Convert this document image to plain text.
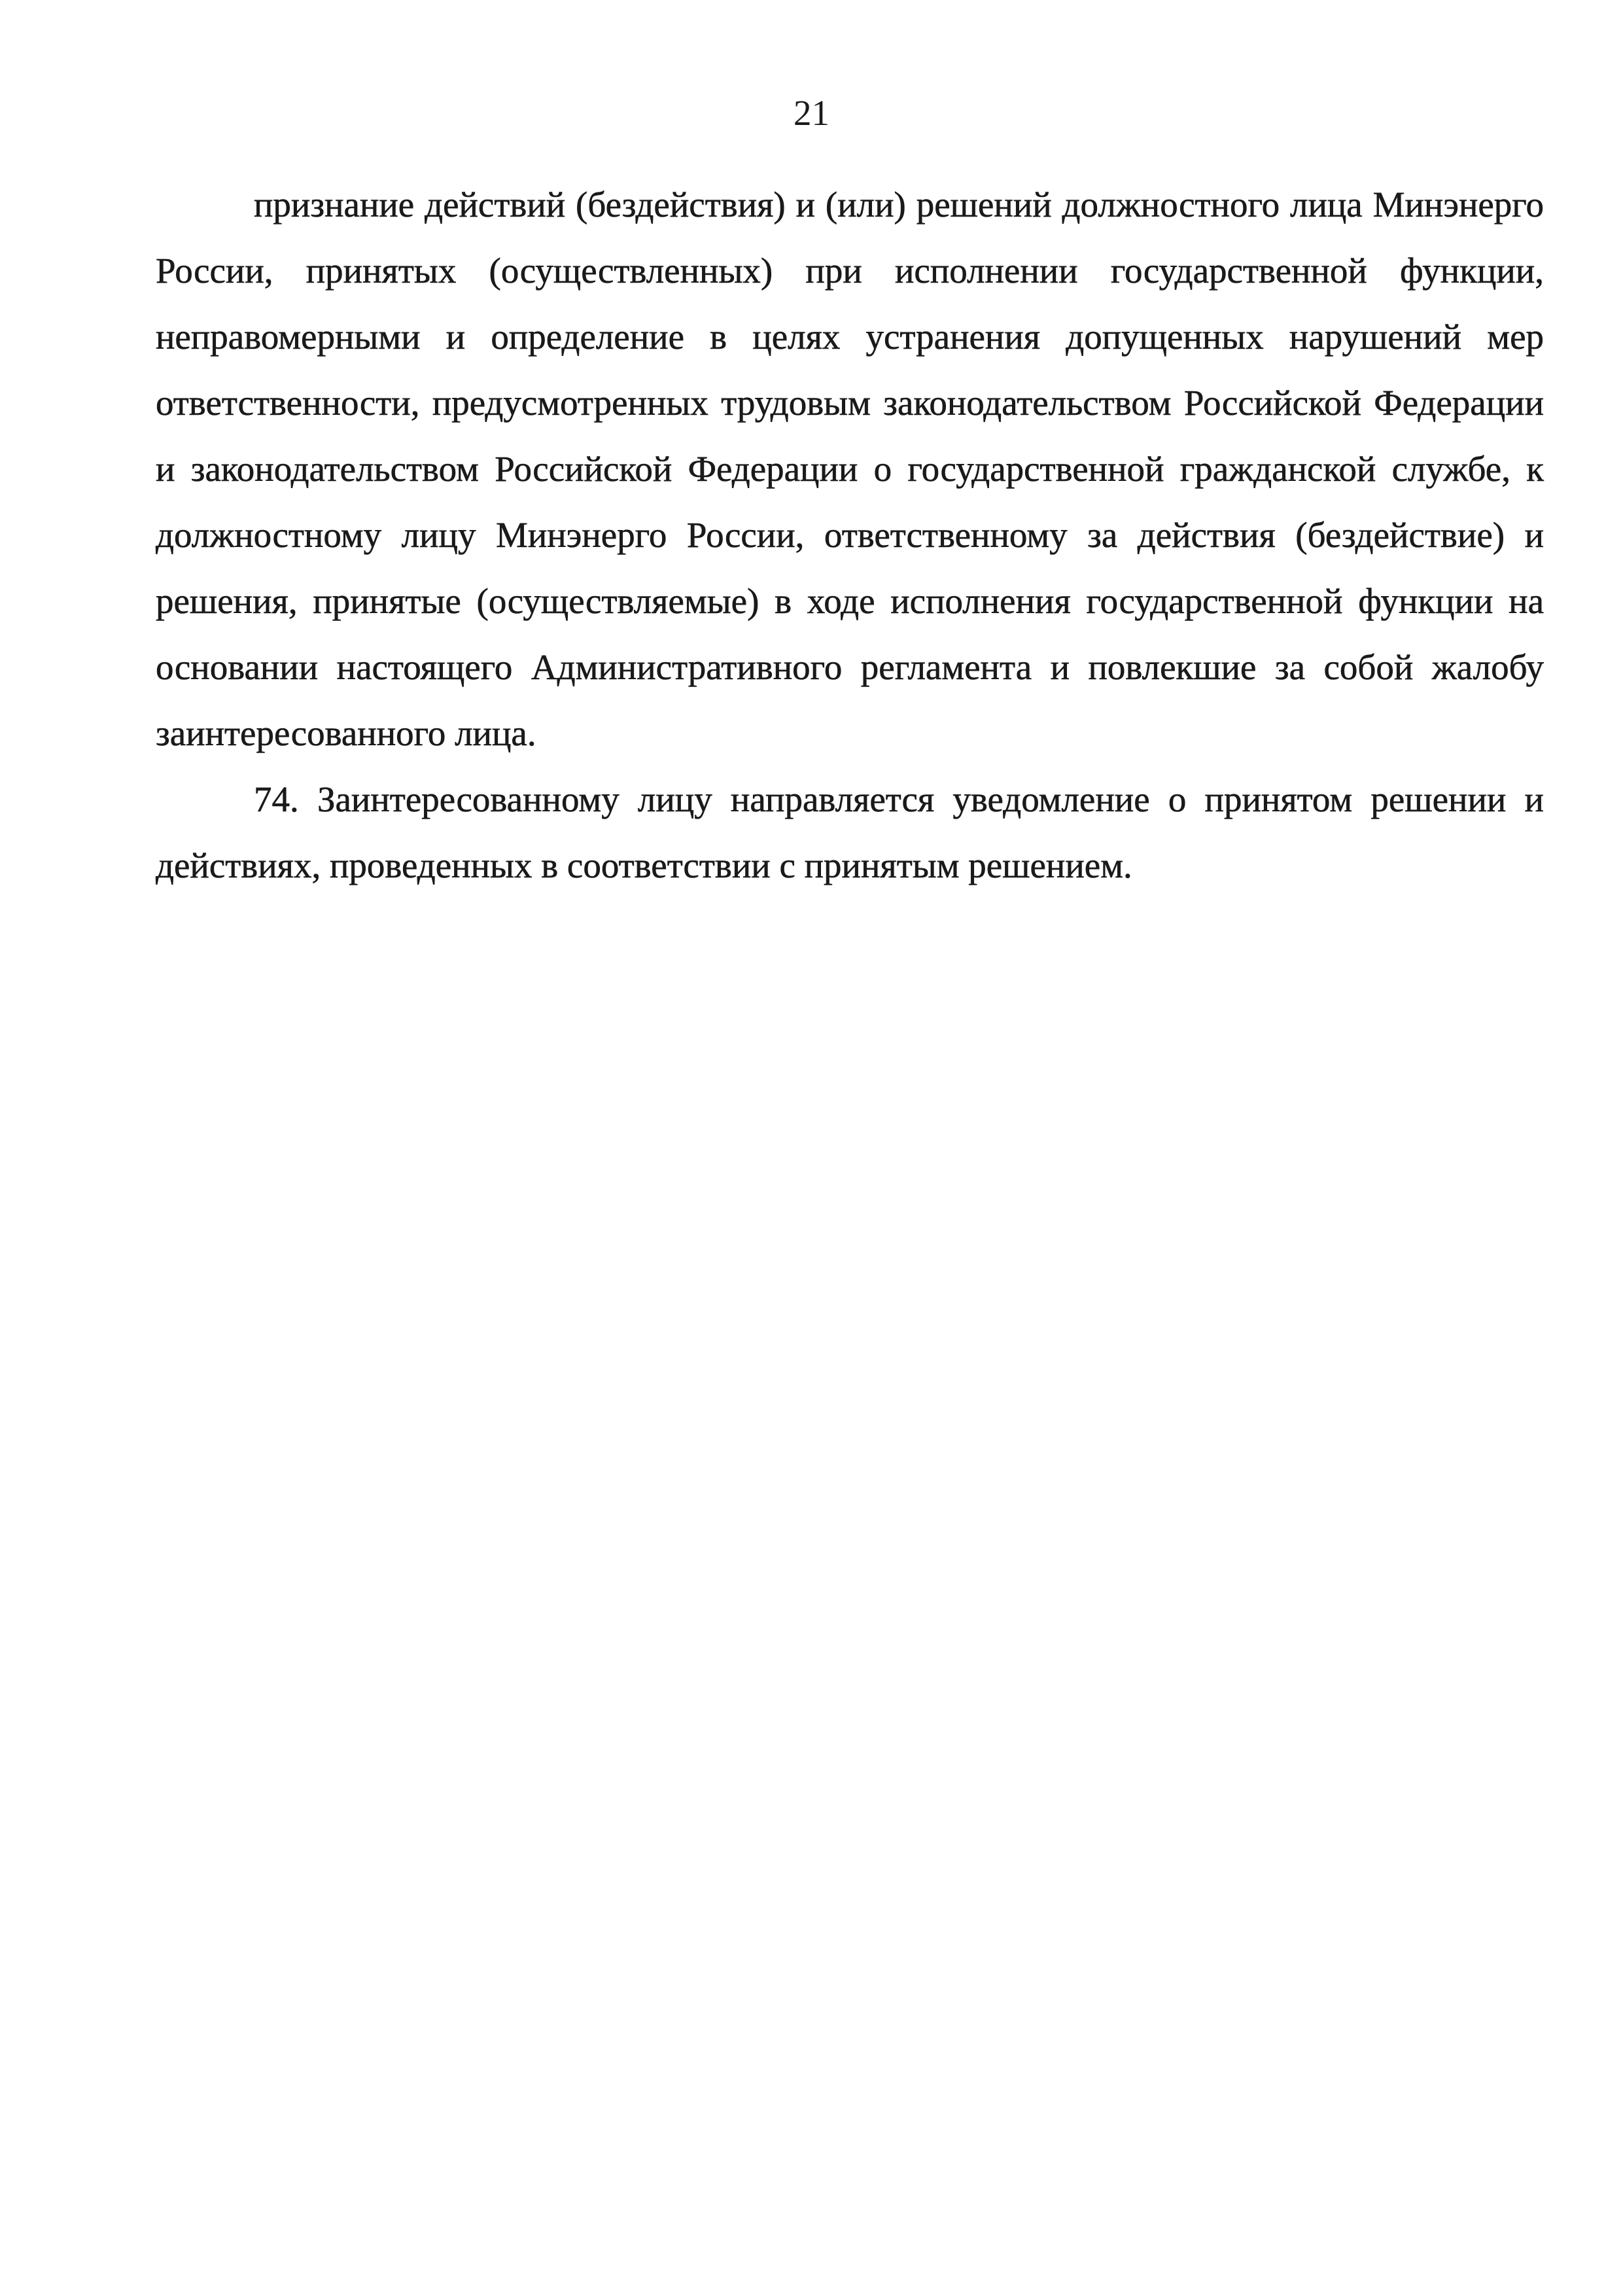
21

признание действий (бездействия) и (или) решений должностного лица Минэнерго России, принятых (осуществленных) при исполнении государственной функции, неправомерными и определение в целях устранения допущенных нарушений мер ответственности, предусмотренных трудовым законодательством Российской Федерации и законодательством Российской Федерации о государственной гражданской службе, к должностному лицу Минэнерго России, ответственному за действия (бездействие) и решения, принятые (осуществляемые) в ходе исполнения государственной функции на основании настоящего Административного регламента и повлекшие за собой жалобу заинтересованного лица.

74. Заинтересованному лицу направляется уведомление о принятом решении и действиях, проведенных в соответствии с принятым решением.
